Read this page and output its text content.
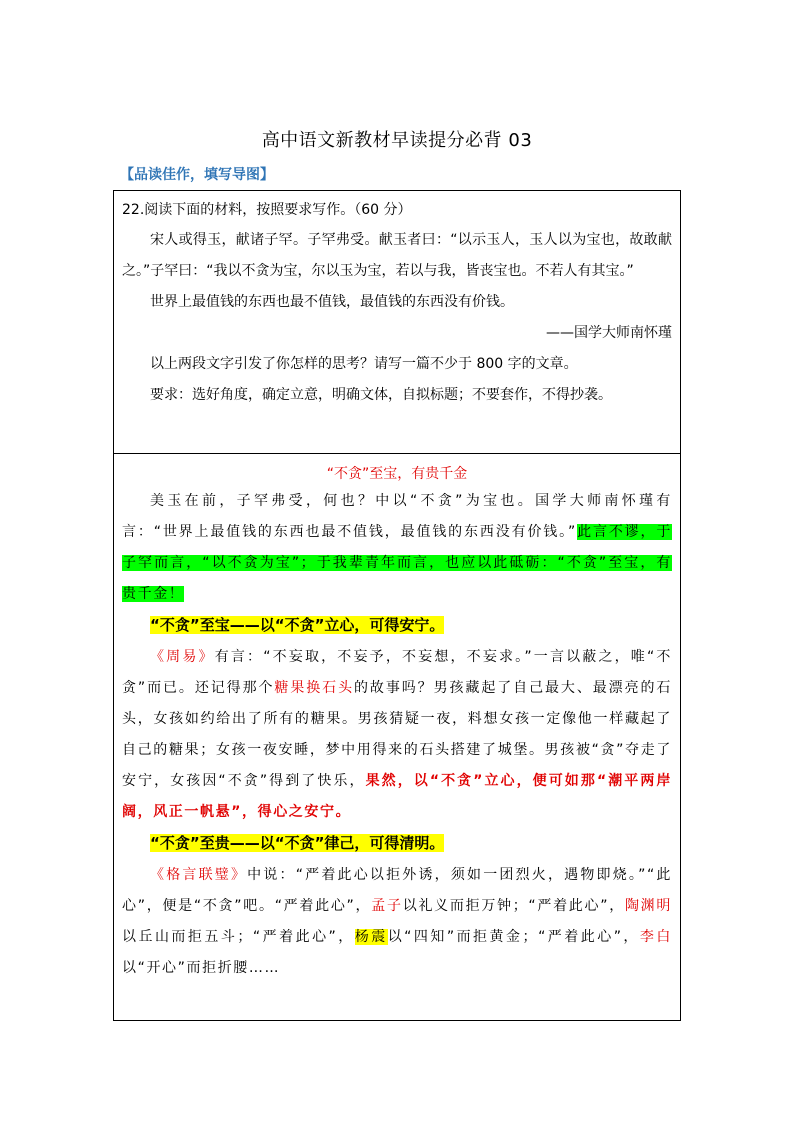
高中语文新教材早读提分必背 03
【品读佳作，填写导图】

22.阅读下面的材料，按照要求写作。（60 分）

宋人或得玉，献诸子罕。子罕弗受。献玉者曰：“以示玉人，玉人以为宝也，故敢献之。”子罕曰：“我以不贪为宝，尔以玉为宝，若以与我，皆丧宝也。不若人有其宝。”

世界上最值钱的东西也最不值钱，最值钱的东西没有价钱。

——国学大师南怀瑾

以上两段文字引发了你怎样的思考？请写一篇不少于 800 字的文章。

要求：选好角度，确定立意，明确文体，自拟标题；不要套作，不得抄袭。

“不贪”至宝，有贵千金

美玉在前，子罕弗受，何也？中以“不贪”为宝也。国学大师南怀瑾有言：“世界上最值钱的东西也最不值钱，最值钱的东西没有价钱。”此言不谬，于子罕而言，“以不贪为宝”；于我辈青年而言，也应以此砥砺：“不贪”至宝，有贵千金！

“不贪”至宝——以“不贪”立心，可得安宁。

《周易》有言：“不妄取，不妄予，不妄想，不妄求。”一言以蔽之，唯“不贪”而已。还记得那个糖果换石头的故事吗？男孩藏起了自己最大、最漂亮的石头，女孩如约给出了所有的糖果。男孩猜疑一夜，料想女孩一定像他一样藏起了自己的糖果；女孩一夜安睡，梦中用得来的石头搭建了城堡。男孩被“贪”夺走了安宁，女孩因“不贪”得到了快乐，果然，以“不贪”立心，便可如那“潮平两岸阔，风正一帆悬”，得心之安宁。

“不贪”至贵——以“不贪”律己，可得清明。

《格言联璧》中说：“严着此心以拒外诱，须如一团烈火，遇物即烧。”“此心”，便是“不贪”吧。“严着此心”，孟子以礼义而拒万钟；“严着此心”，陶渊明以丘山而拒五斗；“严着此心”，杨震以“四知”而拒黄金；“严着此心”，李白以“开心”而拒折腰……
